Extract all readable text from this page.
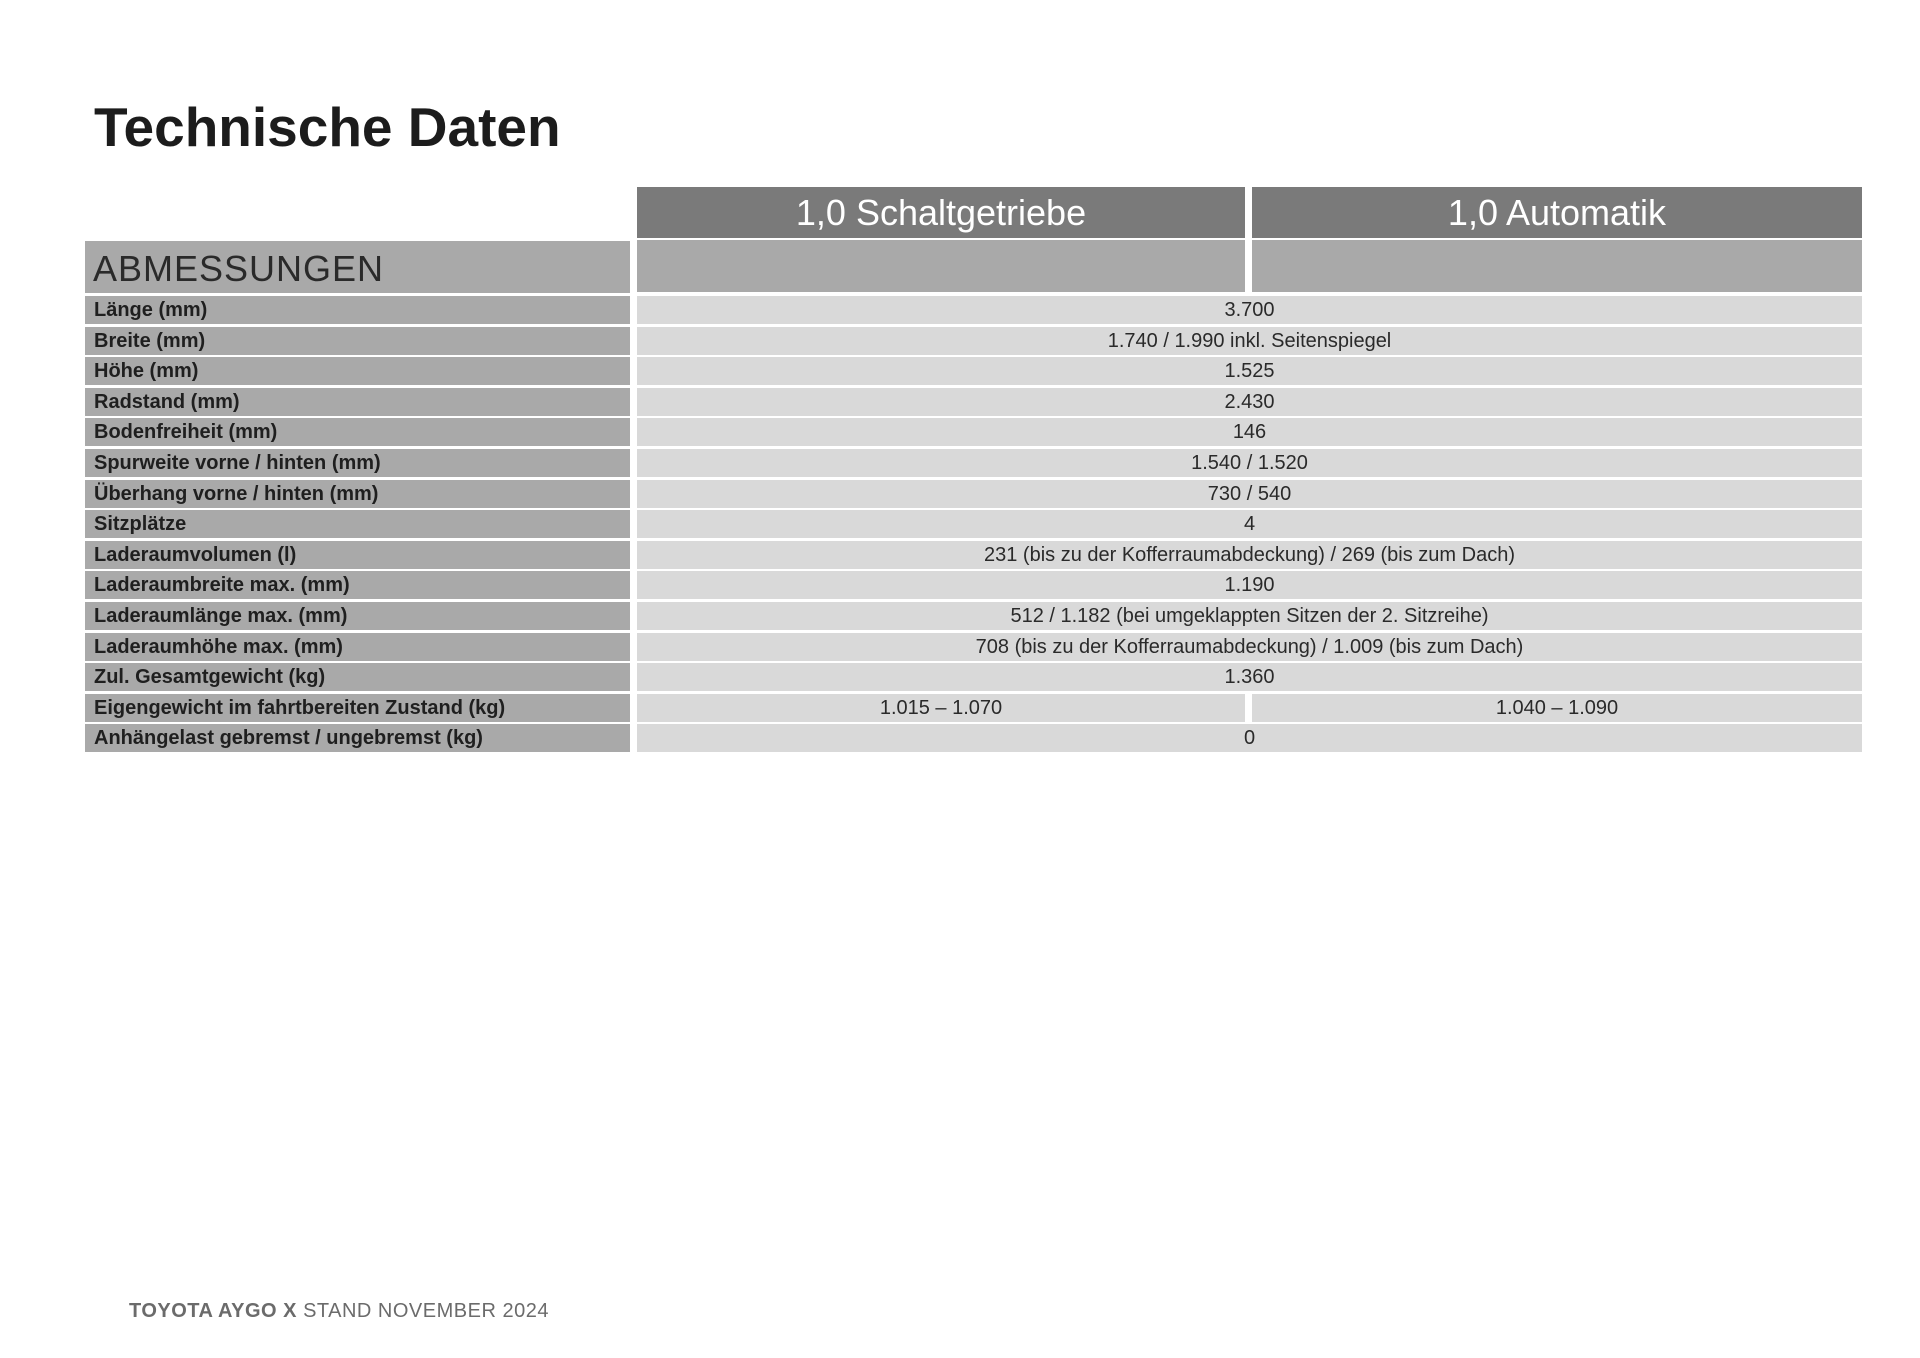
Technische Daten
1,0 Schaltgetriebe	1,0 Automatik
ABMESSUNGEN
Länge (mm)	3.700
Breite (mm)	1.740 / 1.990 inkl. Seitenspiegel
Höhe (mm)	1.525
Radstand (mm)	2.430
Bodenfreiheit (mm)	146
Spurweite vorne / hinten (mm)	1.540 / 1.520
Überhang vorne / hinten (mm)	730 / 540
Sitzplätze	4
Laderaumvolumen (l)	231 (bis zu der Kofferraumabdeckung) / 269 (bis zum Dach)
Laderaumbreite max. (mm)	1.190
Laderaumlänge max. (mm)	512 / 1.182 (bei umgeklappten Sitzen der 2. Sitzreihe)
Laderaumhöhe max. (mm)	708 (bis zu der Kofferraumabdeckung) / 1.009 (bis zum Dach)
Zul. Gesamtgewicht (kg)	1.360
Eigengewicht im fahrtbereiten Zustand (kg)	1.015 – 1.070	1.040 – 1.090
Anhängelast gebremst / ungebremst (kg)	0
TOYOTA AYGO X STAND NOVEMBER 2024
